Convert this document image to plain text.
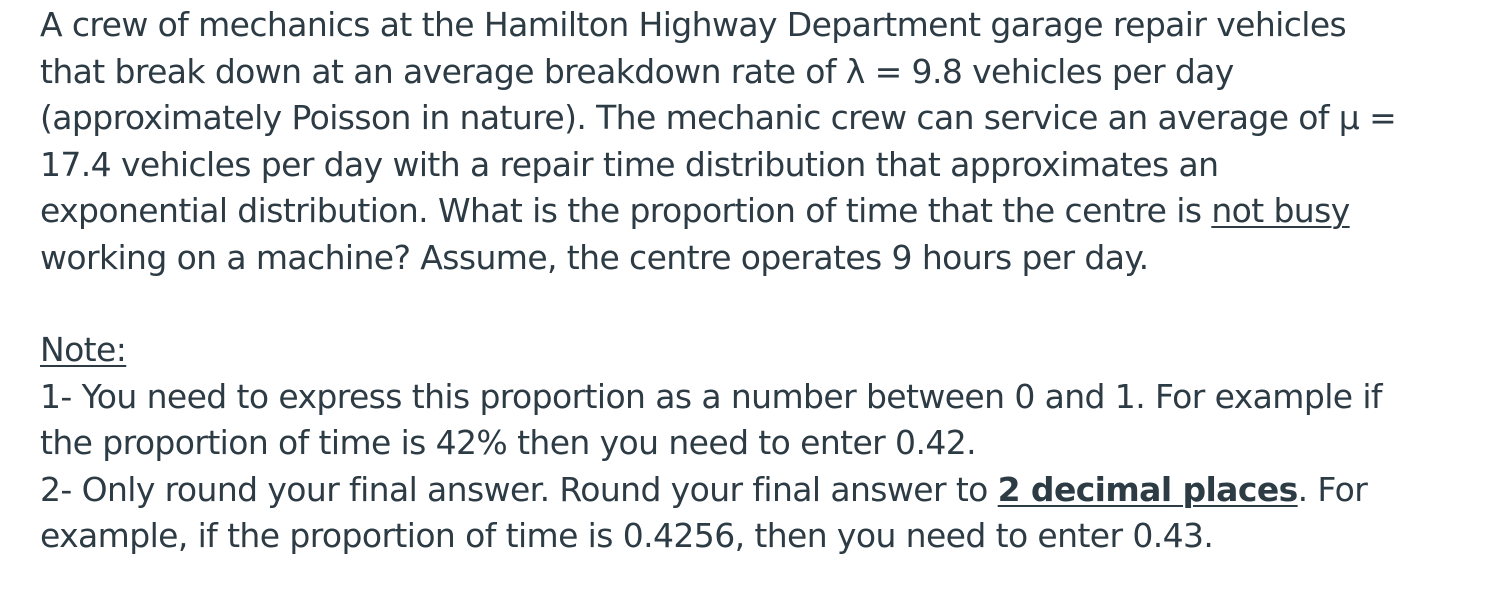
A crew of mechanics at the Hamilton Highway Department garage repair vehicles
that break down at an average breakdown rate of λ = 9.8 vehicles per day
(approximately Poisson in nature). The mechanic crew can service an average of μ =
17.4 vehicles per day with a repair time distribution that approximates an
exponential distribution. What is the proportion of time that the centre is not busy
working on a machine? Assume, the centre operates 9 hours per day.
Note:
1- You need to express this proportion as a number between 0 and 1. For example if
the proportion of time is 42% then you need to enter 0.42.
2- Only round your final answer. Round your final answer to 2 decimal places. For
example, if the proportion of time is 0.4256, then you need to enter 0.43.
